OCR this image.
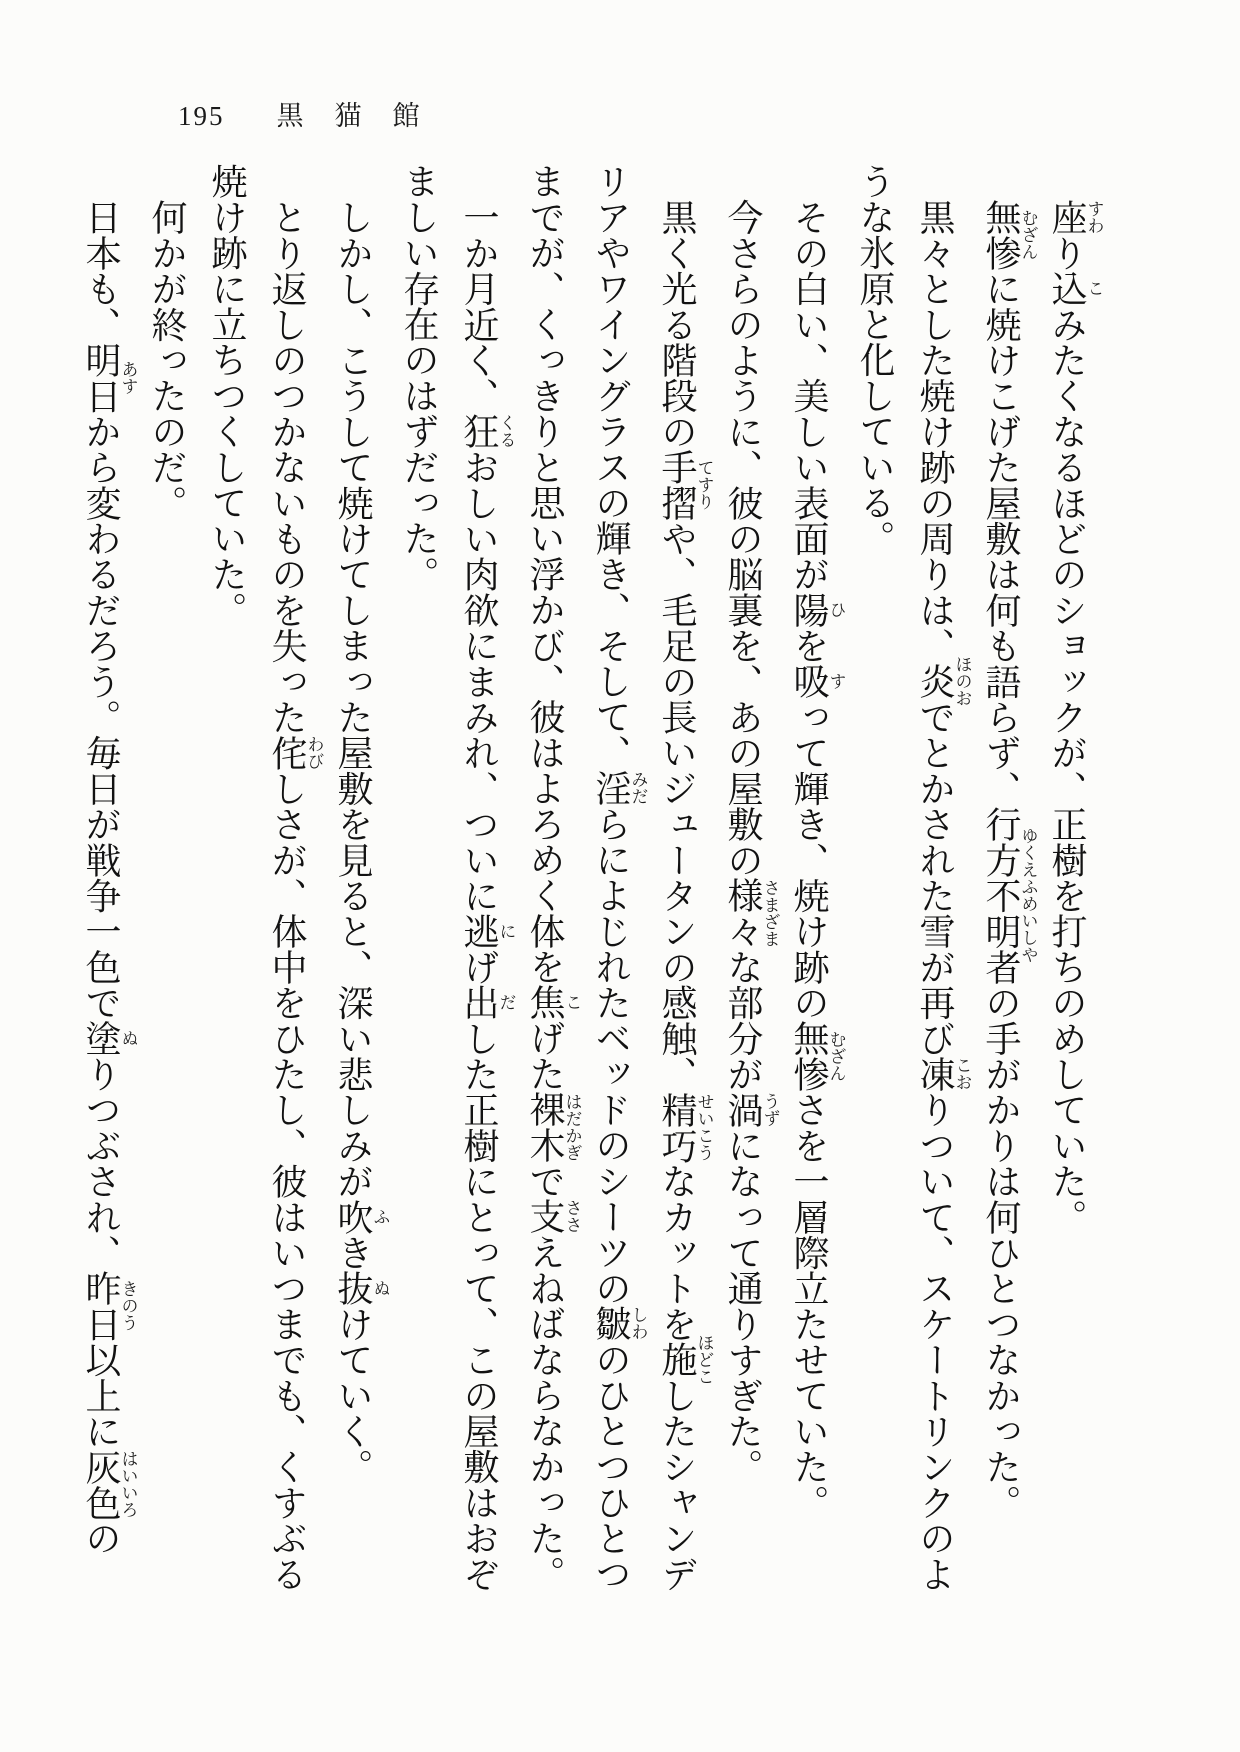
195 黒猫館

座すわり込こみたくなるほどのショックが、正樹を打ちのめしていた。

無惨むざんに焼けこげた屋敷は何も語らず、行方不明者ゆくえふめいしやの手がかりは何ひとつなかった。

黒々とした焼け跡の周りは、炎ほのおでとかされた雪が再び凍こおりついて、スケートリンクのよ

うな氷原と化している。

その白い、美しい表面が陽ひを吸すって輝き、焼け跡の無惨むざんさを一層際立たせていた。

今さらのように、彼の脳裏を、あの屋敷の様々さまざまな部分が渦うずになって通りすぎた。

黒く光る階段の手摺てすりや、毛足の長いジュータンの感触、精巧せいこうなカットを施ほどこしたシャンデ

リアやワイングラスの輝き、そして、淫みだらによじれたベッドのシーツの皺しわのひとつひとつ

までが、くっきりと思い浮かび、彼はよろめく体を焦こげた裸木はだかぎで支ささえねばならなかった。

一か月近く、狂くるおしい肉欲にまみれ、ついに逃にげ出だした正樹にとって、この屋敷はおぞ

ましい存在のはずだった。

しかし、こうして焼けてしまった屋敷を見ると、深い悲しみが吹ふき抜ぬけていく。

とり返しのつかないものを失った侘わびしさが、体中をひたし、彼はいつまでも、くすぶる

焼け跡に立ちつくしていた。

何かが終ったのだ。

日本も、明日あすから変わるだろう。毎日が戦争一色で塗ぬりつぶされ、昨日きのう以上に灰色はいいろの
